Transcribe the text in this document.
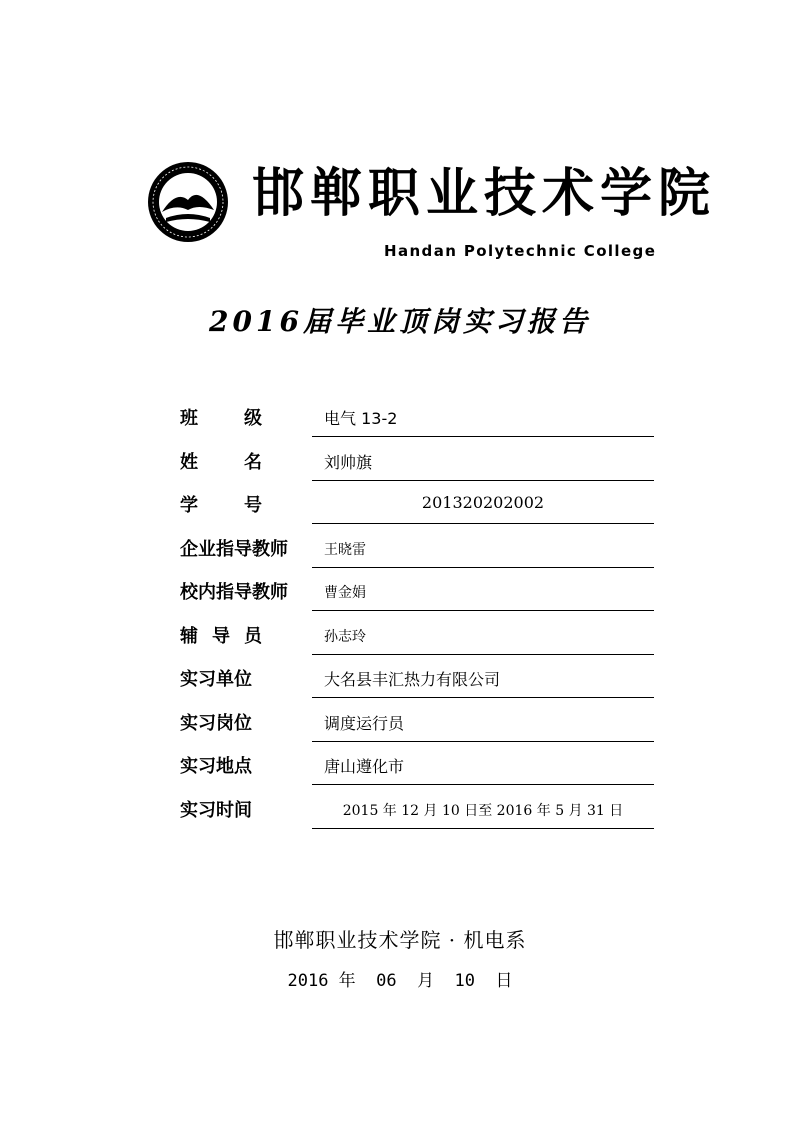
邯郸职业技术学院
Handan Polytechnic College
2016届毕业顶岗实习报告
班	级	电气 13-2
姓	名	刘帅旗
学	号	201320202002
企业指导教师	王晓雷
校内指导教师	曹金娟
辅 导 员	孙志玲
实习单位	大名县丰汇热力有限公司
实习岗位	调度运行员
实习地点	唐山遵化市
实习时间	2015 年 12 月 10 日至 2016 年 5 月 31 日
邯郸职业技术学院 · 机电系
2016 年  06  月  10  日
